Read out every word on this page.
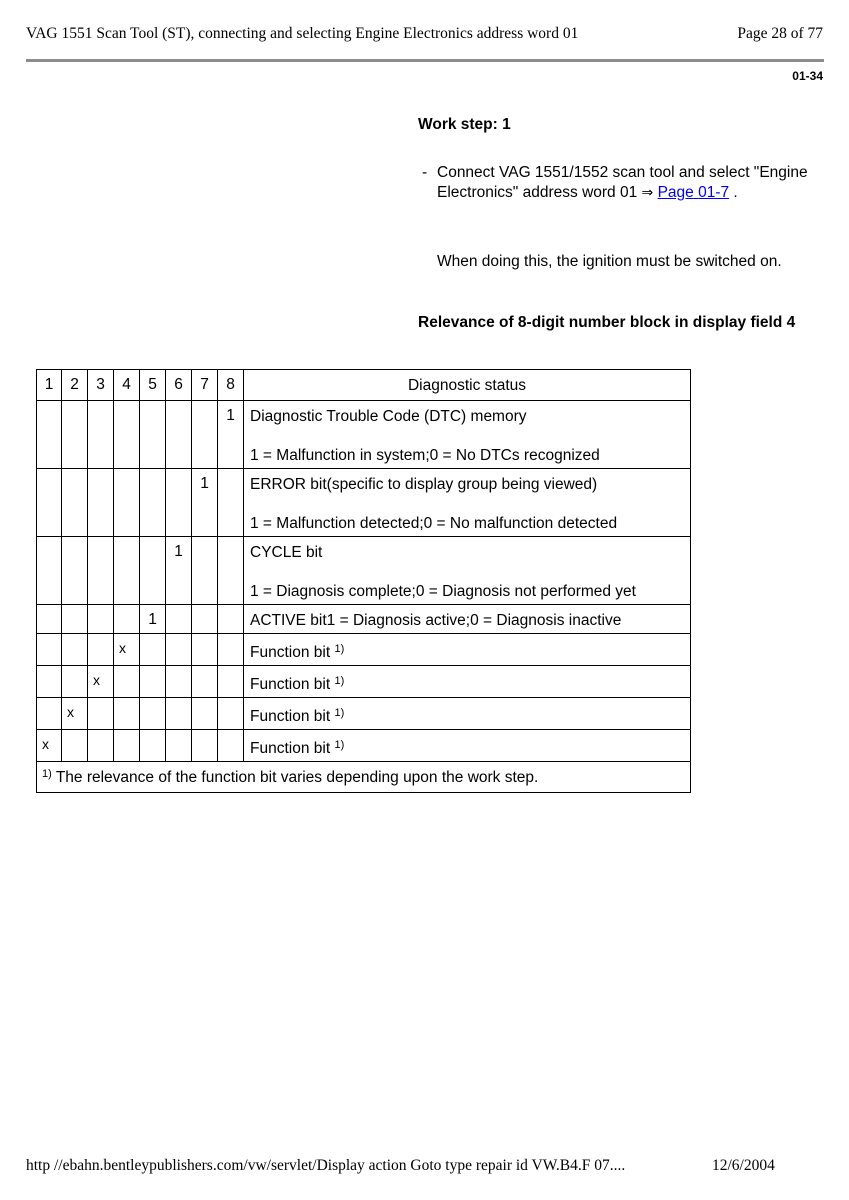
VAG 1551 Scan Tool (ST), connecting and selecting Engine Electronics address word 01	Page 28 of 77
01-34
Work step: 1
- Connect VAG 1551/1552 scan tool and select "Engine Electronics" address word 01 ⇒ Page 01-7 .
When doing this, the ignition must be switched on.
Relevance of 8-digit number block in display field 4
1	2	3	4	5	6	7	8	Diagnostic status
							1	Diagnostic Trouble Code (DTC) memory
1 = Malfunction in system;0 = No DTCs recognized

						1		ERROR bit(specific to display group being viewed)
1 = Malfunction detected;0 = No malfunction detected

					1			CYCLE bit
1 = Diagnosis complete;0 = Diagnosis not performed yet

				1				ACTIVE bit1 = Diagnosis active;0 = Diagnosis inactive
			x					Function bit $^{1)}$
		x						Function bit $^{1)}$
	x							Function bit $^{1)}$
x								Function bit $^{1)}$
$^{1)}$ The relevance of the function bit varies depending upon the work step.								
http //ebahn.bentleypublishers.com/vw/servlet/Display action Goto type repair id VW.B4.F 07....	12/6/2004
